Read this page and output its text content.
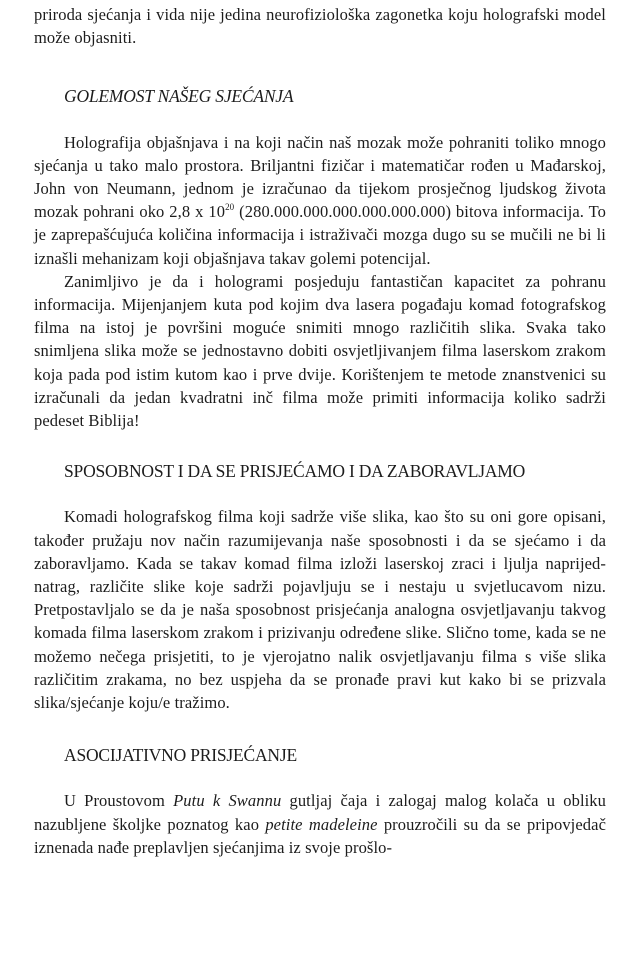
priroda sjećanja i vida nije jedina neurofiziološka zagonetka koju holografski model može objasniti.

GOLEMOST NAŠEG SJEĆANJA

Holografija objašnjava i na koji način naš mozak može pohraniti toliko mnogo sjećanja u tako malo prostora. Briljantni fizičar i matematičar rođen u Mađarskoj, John von Neumann, jednom je izračunao da tijekom prosječnog ljudskog života mozak pohrani oko 2,8 x $10^{20}$ (280.000.000.000.000.000.000) bitova informacija. To je zaprepašćujuća količina informacija i istraživači mozga dugo su se mučili ne bi li iznašli mehanizam koji objašnjava takav golemi potencijal.

Zanimljivo je da i hologrami posjeduju fantastičan kapacitet za pohranu informacija. Mijenjanjem kuta pod kojim dva lasera pogađaju komad fotografskog filma na istoj je površini moguće snimiti mnogo različitih slika. Svaka tako snimljena slika može se jednostavno dobiti osvjetljivanjem filma laserskom zrakom koja pada pod istim kutom kao i prve dvije. Korištenjem te metode znanstvenici su izračunali da jedan kvadratni inč filma može primiti informacija koliko sadrži pedeset Biblija!

SPOSOBNOST I DA SE PRISJEĆAMO I DA ZABORAVLJAMO

Komadi holografskog filma koji sadrže više slika, kao što su oni gore opisani, također pružaju nov način razumijevanja naše sposobnosti i da se sjećamo i da zaboravljamo. Kada se takav komad filma izloži laserskoj zraci i ljulja naprijed-natrag, različite slike koje sadrži pojavljuju se i nestaju u svjetlucavom nizu. Pretpostavljalo se da je naša sposobnost prisjećanja analogna osvjetljavanju takvog komada filma laserskom zrakom i prizivanju određene slike. Slično tome, kada se ne možemo nečega prisjetiti, to je vjerojatno nalik osvjetljavanju filma s više slika različitim zrakama, no bez uspjeha da se pronađe pravi kut kako bi se prizvala slika/sjećanje koju/e tražimo.

ASOCIJATIVNO PRISJEĆANJE

U Proustovom Putu k Swannu gutljaj čaja i zalogaj malog kolača u obliku nazubljene školjke poznatog kao petite madeleine prouzročili su da se pripovjedač iznenada nađe preplavljen sjećanjima iz svoje prošlo-
